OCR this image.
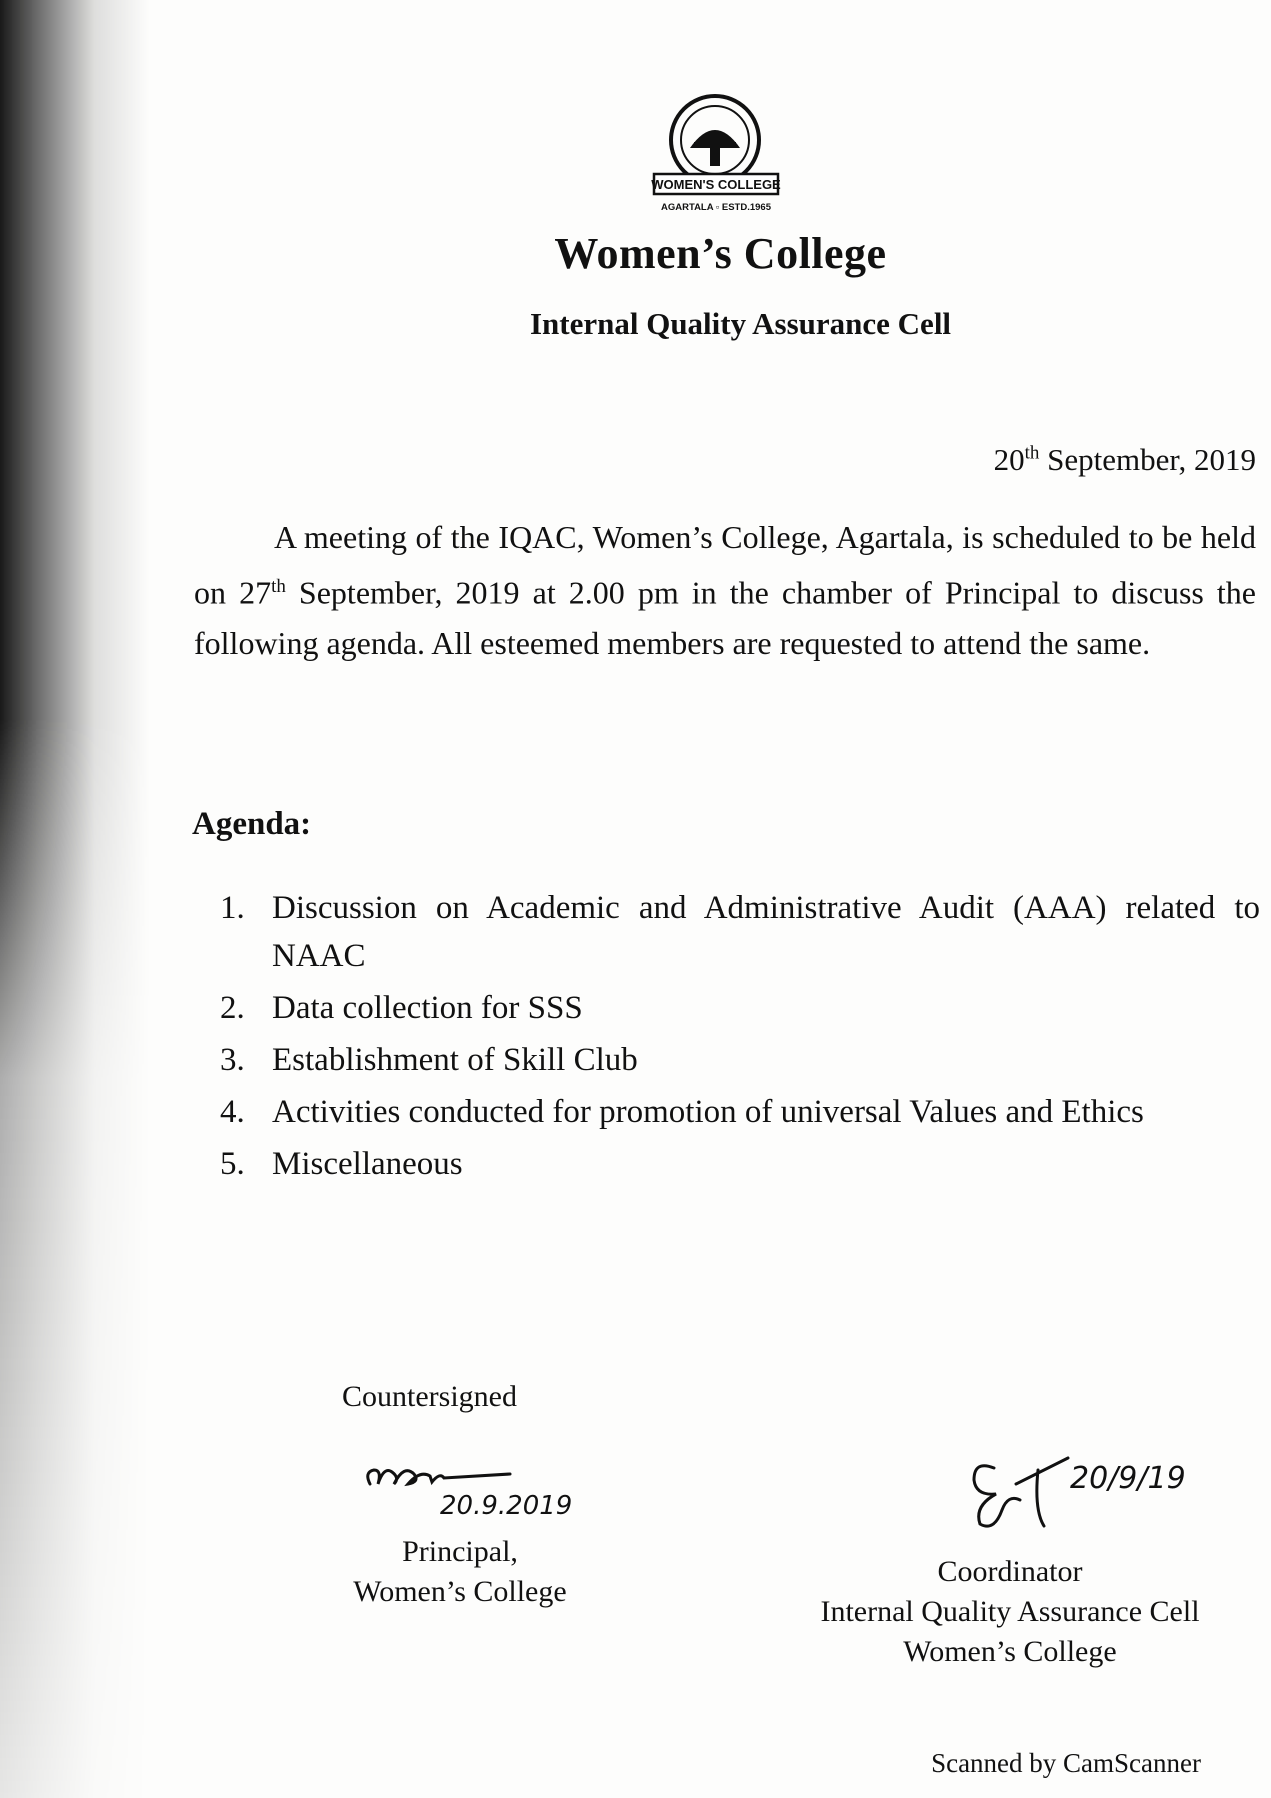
WOMEN'S COLLEGE
AGARTALA ▫ ESTD.1965
Women’s College
Internal Quality Assurance Cell
20th September, 2019

A meeting of the IQAC, Women’s College, Agartala, is scheduled to be held on 27th September, 2019 at 2.00 pm in the chamber of Principal to discuss the following agenda. All esteemed members are requested to attend the same.

Agenda:
1. Discussion on Academic and Administrative Audit (AAA) related to NAAC
2. Data collection for SSS
3. Establishment of Skill Club
4. Activities conducted for promotion of universal Values and Ethics
5. Miscellaneous
Countersigned
20.9.2019
Principal,
Women’s College
20/9/19
Coordinator
Internal Quality Assurance Cell
Women’s College
Scanned by CamScanner
